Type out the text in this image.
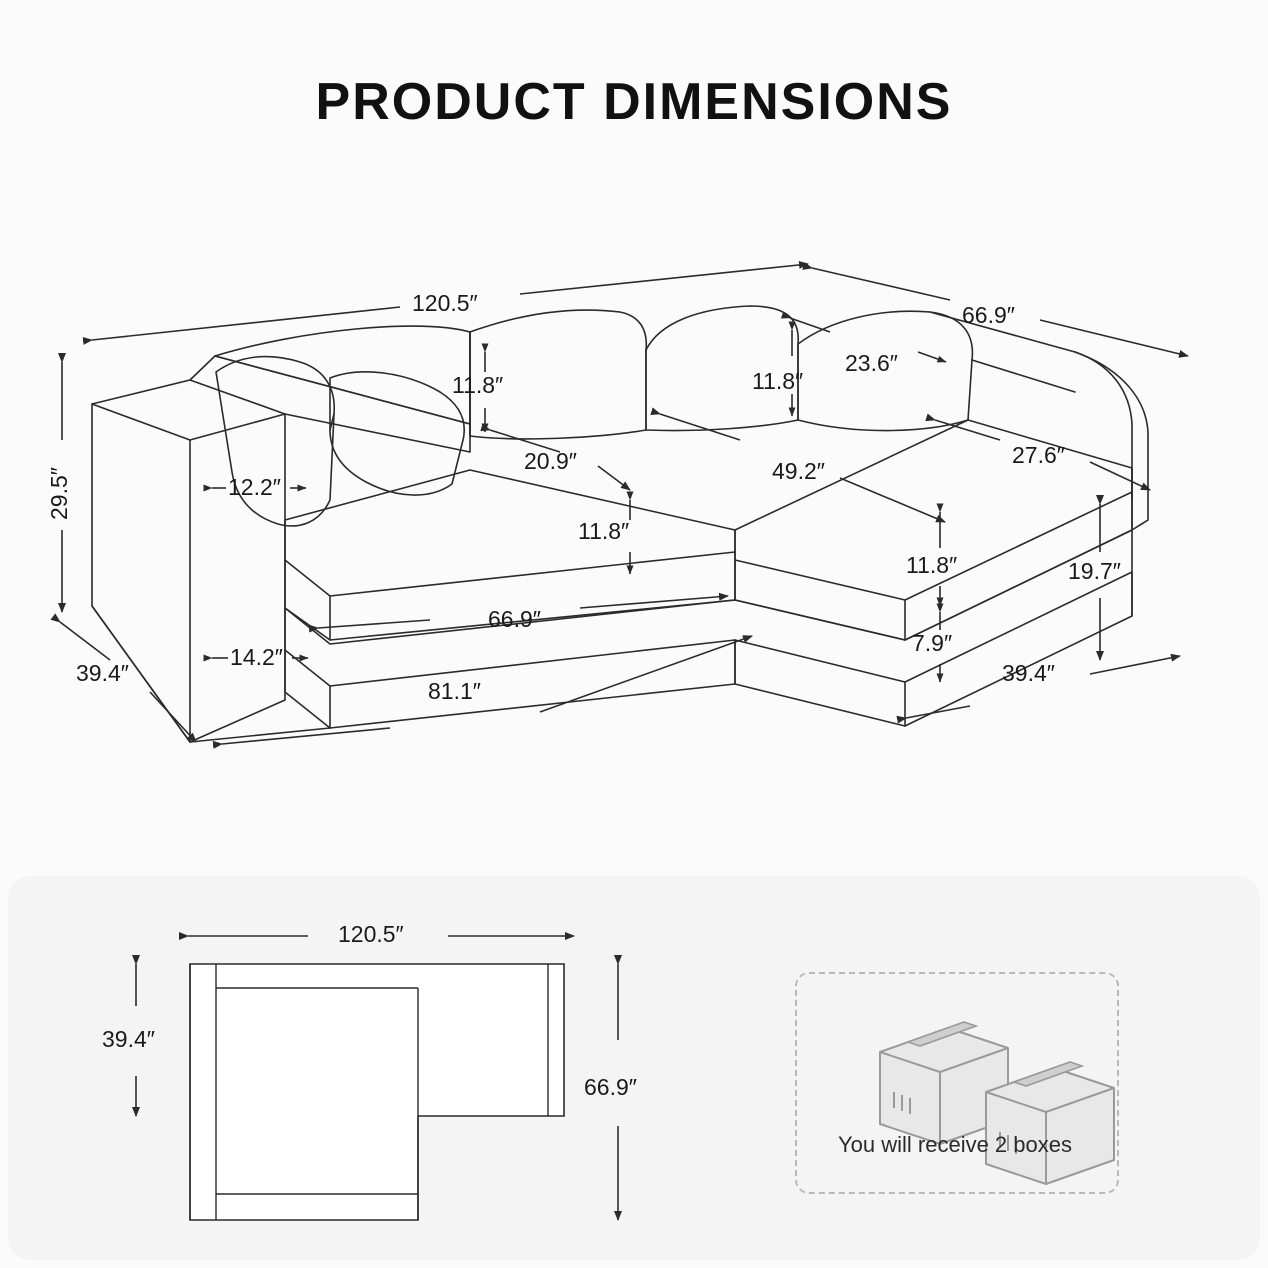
PRODUCT DIMENSIONS
120.5″	66.9″
29.5″
39.4″
11.8″	11.8″
23.6″
12.2″
14.2″
20.9″
11.8″
49.2″
27.6″
11.8″
7.9″
19.7″
66.9″
81.1″
39.4″
120.5″
39.4″
66.9″
You will receive 2 boxes
